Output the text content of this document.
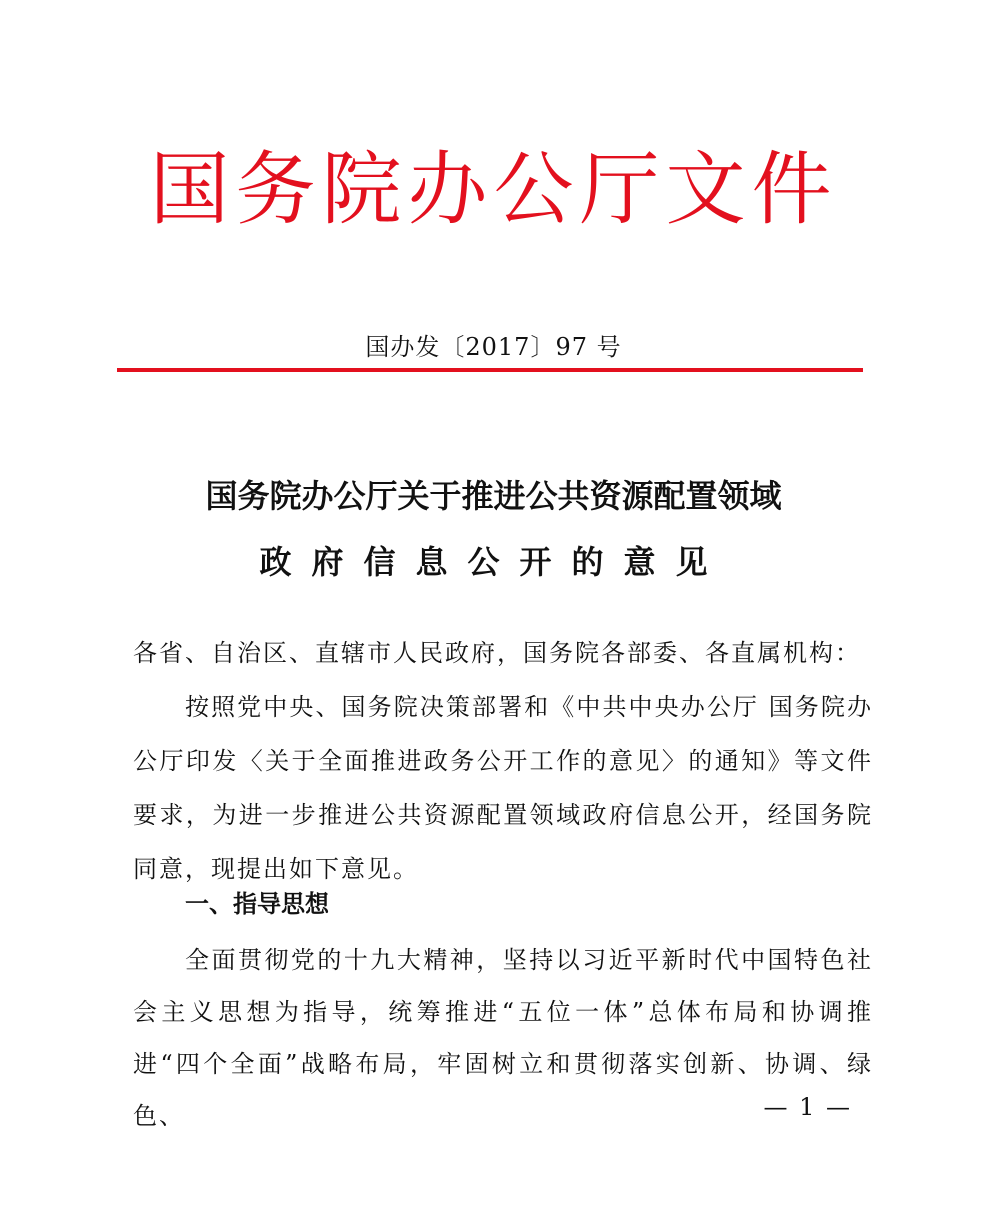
国务院办公厅文件
国办发〔2017〕97 号
国务院办公厅关于推进公共资源配置领域
政府信息公开的意见
各省、自治区、直辖市人民政府，国务院各部委、各直属机构：
按照党中央、国务院决策部署和《中共中央办公厅 国务院办公厅印发〈关于全面推进政务公开工作的意见〉的通知》等文件要求，为进一步推进公共资源配置领域政府信息公开，经国务院同意，现提出如下意见。
一、指导思想
全面贯彻党的十九大精神，坚持以习近平新时代中国特色社会主义思想为指导，统筹推进“五位一体”总体布局和协调推进“四个全面”战略布局，牢固树立和贯彻落实创新、协调、绿色、	— 1 —
